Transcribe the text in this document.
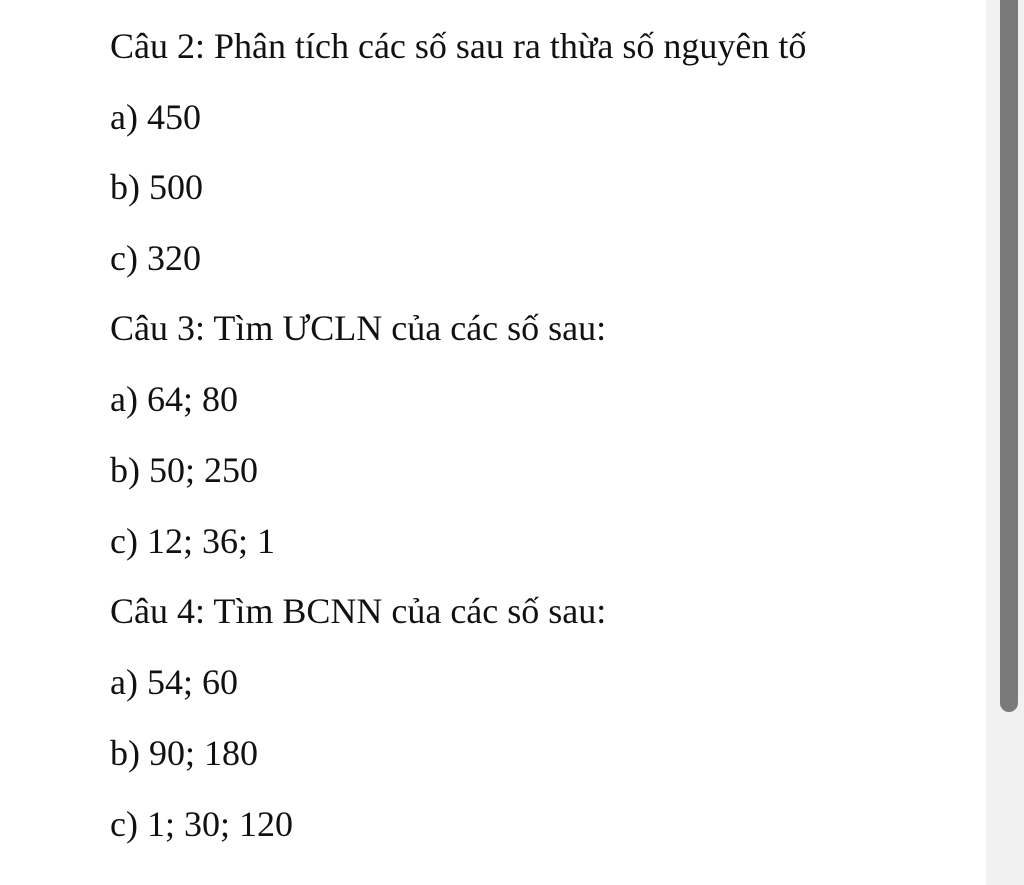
Câu 2: Phân tích các số sau ra thừa số nguyên tố
a) 450
b) 500
c) 320
Câu 3: Tìm ƯCLN của các số sau:
a) 64; 80
b) 50; 250
c) 12; 36; 1
Câu 4: Tìm BCNN của các số sau:
a) 54; 60
b) 90; 180
c) 1; 30; 120
